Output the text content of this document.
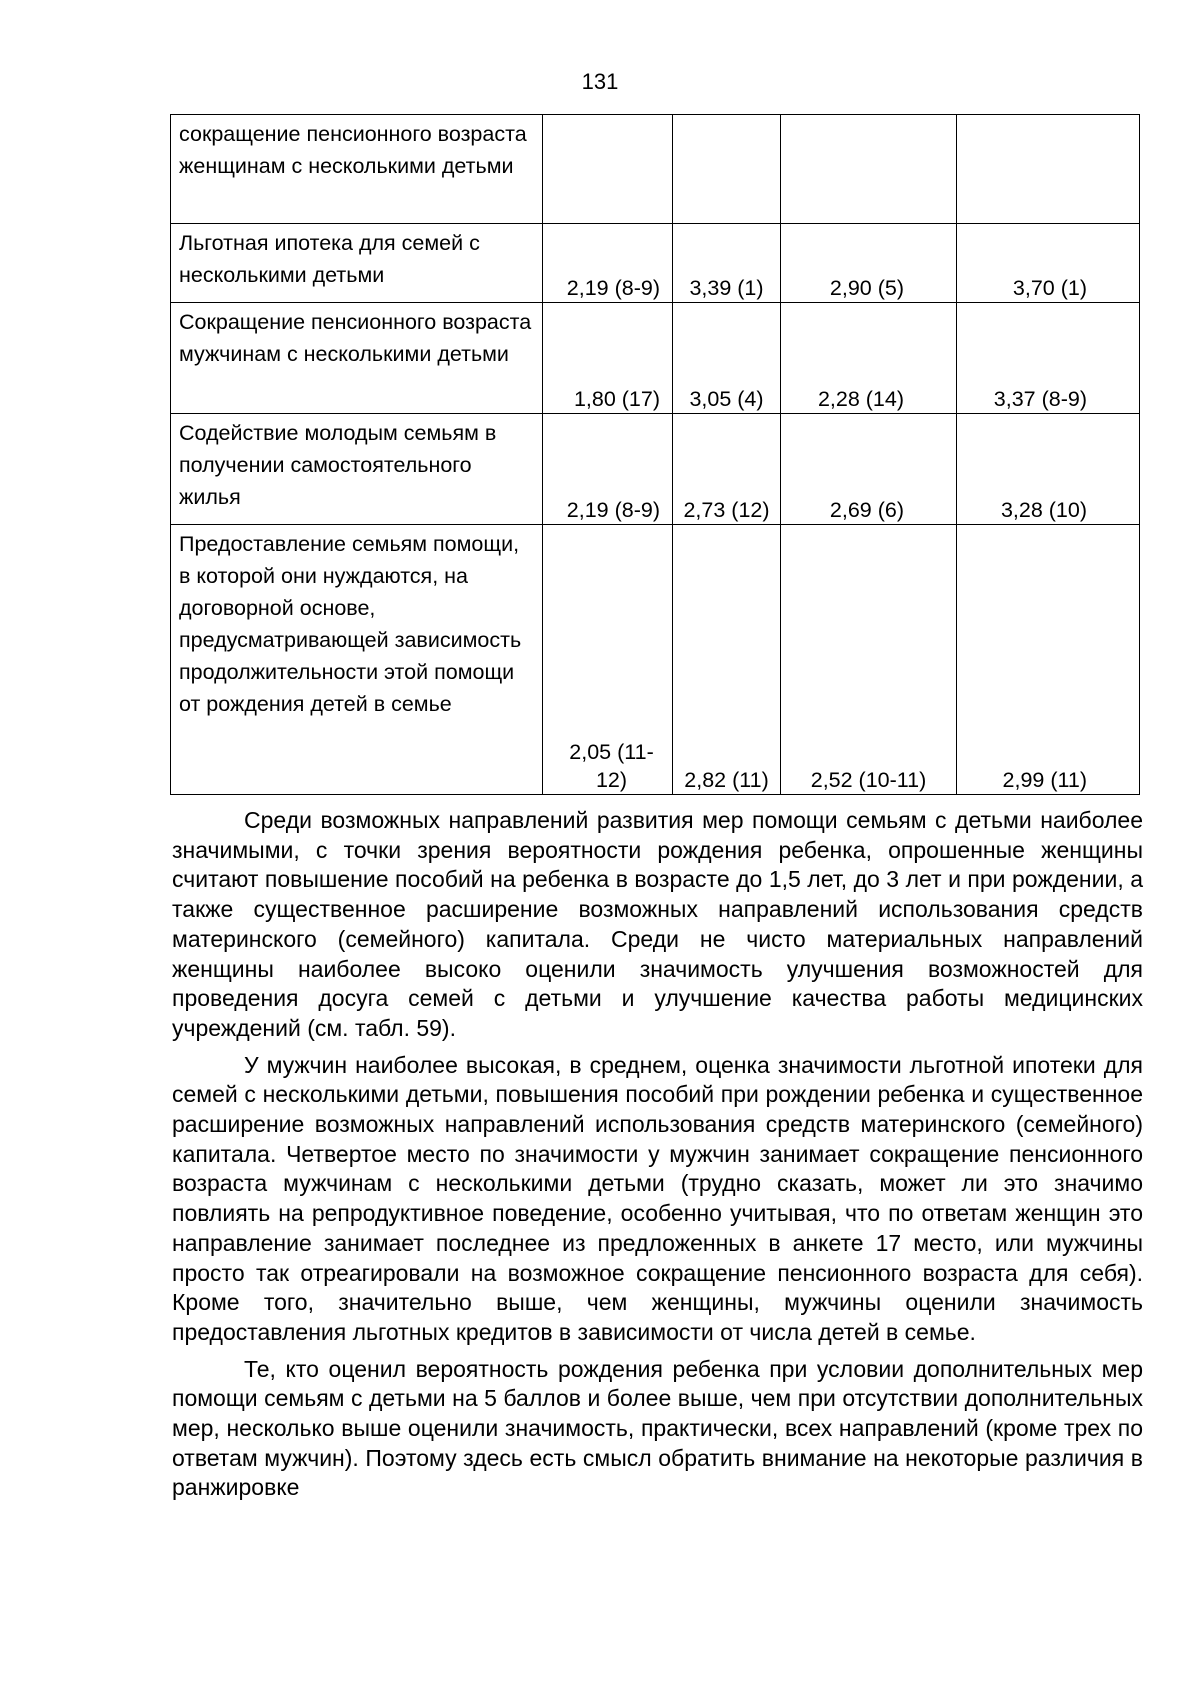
131
сокращение пенсионного возраста женщинам с несколькими детьми				
Льготная ипотека для семей с несколькими детьми	2,19 (8-9)	3,39 (1)	2,90 (5)	3,70 (1)
Сокращение пенсионного возраста мужчинам с несколькими детьми	1,80 (17)	3,05 (4)	2,28 (14)	3,37 (8-9)
Содействие молодым семьям в получении самостоятельного жилья	2,19 (8-9)	2,73 (12)	2,69 (6)	3,28 (10)
Предоставление семьям помощи, в которой они нуждаются, на договорной основе, предусматривающей зависимость продолжительности этой помощи от рождения детей в семье	2,05 (11-12)	2,82 (11)	2,52 (10-11)	2,99 (11)

Среди возможных направлений развития мер помощи семьям с детьми наиболее значимыми, с точки зрения вероятности рождения ребенка, опрошенные женщины считают повышение пособий на ребенка в возрасте до 1,5 лет, до 3 лет и при рождении, а также существенное расширение возможных направлений использования средств материнского (семейного) капитала. Среди не чисто материальных направлений женщины наиболее высоко оценили значимость улучшения возможностей для проведения досуга семей с детьми и улучшение качества работы медицинских учреждений (см. табл. 59).

У мужчин наиболее высокая, в среднем, оценка значимости льготной ипотеки для семей с несколькими детьми, повышения пособий при рождении ребенка и существенное расширение возможных направлений использования средств материнского (семейного) капитала. Четвертое место по значимости у мужчин занимает сокращение пенсионного возраста мужчинам с несколькими детьми (трудно сказать, может ли это значимо повлиять на репродуктивное поведение, особенно учитывая, что по ответам женщин это направление занимает последнее из предложенных в анкете 17 место, или мужчины просто так отреагировали на возможное сокращение пенсионного возраста для себя). Кроме того, значительно выше, чем женщины, мужчины оценили значимость предоставления льготных кредитов в зависимости от числа детей в семье.

Те, кто оценил вероятность рождения ребенка при условии дополнительных мер помощи семьям с детьми на 5 баллов и более выше, чем при отсутствии дополнительных мер, несколько выше оценили значимость, практически, всех направлений (кроме трех по ответам мужчин). Поэтому здесь есть смысл обратить внимание на некоторые различия в ранжировке
